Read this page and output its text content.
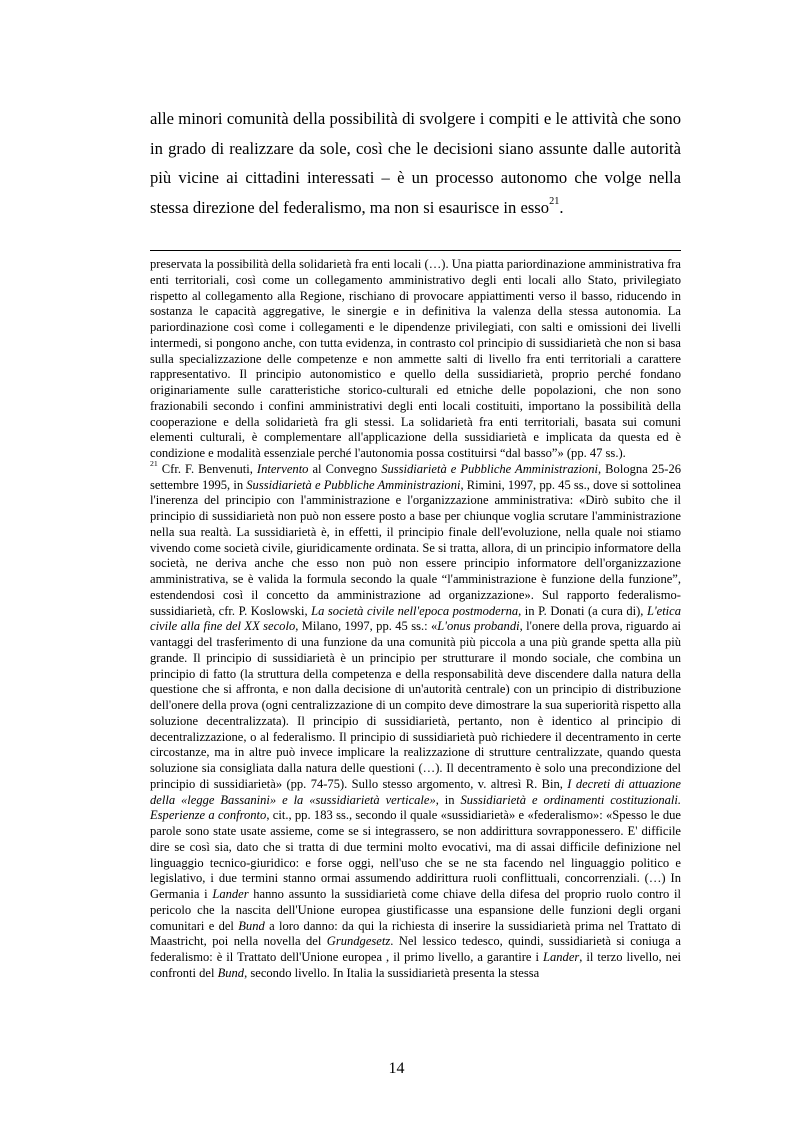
alle minori comunità della possibilità di svolgere i compiti e le attività che sono in grado di realizzare da sole, così che le decisioni siano assunte dalle autorità più vicine ai cittadini interessati – è un processo autonomo che volge nella stessa direzione del federalismo, ma non si esaurisce in esso$^{21}$.

preservata la possibilità della solidarietà fra enti locali (…). Una piatta pariordinazione amministrativa fra enti territoriali, così come un collegamento amministrativo degli enti locali allo Stato, privilegiato rispetto al collegamento alla Regione, rischiano di provocare appiattimenti verso il basso, riducendo in sostanza le capacità aggregative, le sinergie e in definitiva la valenza della stessa autonomia. La pariordinazione così come i collegamenti e le dipendenze privilegiati, con salti e omissioni dei livelli intermedi, si pongono anche, con tutta evidenza, in contrasto col principio di sussidiarietà che non si basa sulla specializzazione delle competenze e non ammette salti di livello fra enti territoriali a carattere rappresentativo. Il principio autonomistico e quello della sussidiarietà, proprio perché fondano originariamente sulle caratteristiche storico-culturali ed etniche delle popolazioni, che non sono frazionabili secondo i confini amministrativi degli enti locali costituiti, importano la possibilità della cooperazione e della solidarietà fra gli stessi. La solidarietà fra enti territoriali, basata sui comuni elementi culturali, è complementare all'applicazione della sussidiarietà e implicata da questa ed è condizione e modalità essenziale perché l'autonomia possa costituirsi “dal basso”» (pp. 47 ss.).

$^{21}$ Cfr. F. Benvenuti, Intervento al Convegno Sussidiarietà e Pubbliche Amministrazioni, Bologna 25-26 settembre 1995, in Sussidiarietà e Pubbliche Amministrazioni, Rimini, 1997, pp. 45 ss., dove si sottolinea l'inerenza del principio con l'amministrazione e l'organizzazione amministrativa: «Dirò subito che il principio di sussidiarietà non può non essere posto a base per chiunque voglia scrutare l'amministrazione nella sua realtà. La sussidiarietà è, in effetti, il principio finale dell'evoluzione, nella quale noi stiamo vivendo come società civile, giuridicamente ordinata. Se si tratta, allora, di un principio informatore della società, ne deriva anche che esso non può non essere principio informatore dell'organizzazione amministrativa, se è valida la formula secondo la quale “l'amministrazione è funzione della funzione”, estendendosi così il concetto da amministrazione ad organizzazione». Sul rapporto federalismo-sussidiarietà, cfr. P. Koslowski, La società civile nell'epoca postmoderna, in P. Donati (a cura di), L'etica civile alla fine del XX secolo, Milano, 1997, pp. 45 ss.: «L'onus probandi, l'onere della prova, riguardo ai vantaggi del trasferimento di una funzione da una comunità più piccola a una più grande spetta alla più grande. Il principio di sussidiarietà è un principio per strutturare il mondo sociale, che combina un principio di fatto (la struttura della competenza e della responsabilità deve discendere dalla natura della questione che si affronta, e non dalla decisione di un'autorità centrale) con un principio di distribuzione dell'onere della prova (ogni centralizzazione di un compito deve dimostrare la sua superiorità rispetto alla soluzione decentralizzata). Il principio di sussidiarietà, pertanto, non è identico al principio di decentralizzazione, o al federalismo. Il principio di sussidiarietà può richiedere il decentramento in certe circostanze, ma in altre può invece implicare la realizzazione di strutture centralizzate, quando questa soluzione sia consigliata dalla natura delle questioni (…). Il decentramento è solo una precondizione del principio di sussidiarietà» (pp. 74-75). Sullo stesso argomento, v. altresì R. Bin, I decreti di attuazione della «legge Bassanini» e la «sussidiarietà verticale», in Sussidiarietà e ordinamenti costituzionali. Esperienze a confronto, cit., pp. 183 ss., secondo il quale «sussidiarietà» e «federalismo»: «Spesso le due parole sono state usate assieme, come se si integrassero, se non addirittura sovrapponessero. E' difficile dire se così sia, dato che si tratta di due termini molto evocativi, ma di assai difficile definizione nel linguaggio tecnico-giuridico: e forse oggi, nell'uso che se ne sta facendo nel linguaggio politico e legislativo, i due termini stanno ormai assumendo addirittura ruoli conflittuali, concorrenziali. (…) In Germania i Lander hanno assunto la sussidiarietà come chiave della difesa del proprio ruolo contro il pericolo che la nascita dell'Unione europea giustificasse una espansione delle funzioni degli organi comunitari e del Bund a loro danno: da qui la richiesta di inserire la sussidiarietà prima nel Trattato di Maastricht, poi nella novella del Grundgesetz. Nel lessico tedesco, quindi, sussidiarietà si coniuga a federalismo: è il Trattato dell'Unione europea , il primo livello, a garantire i Lander, il terzo livello, nei confronti del Bund, secondo livello. In Italia la sussidiarietà presenta la stessa

14
